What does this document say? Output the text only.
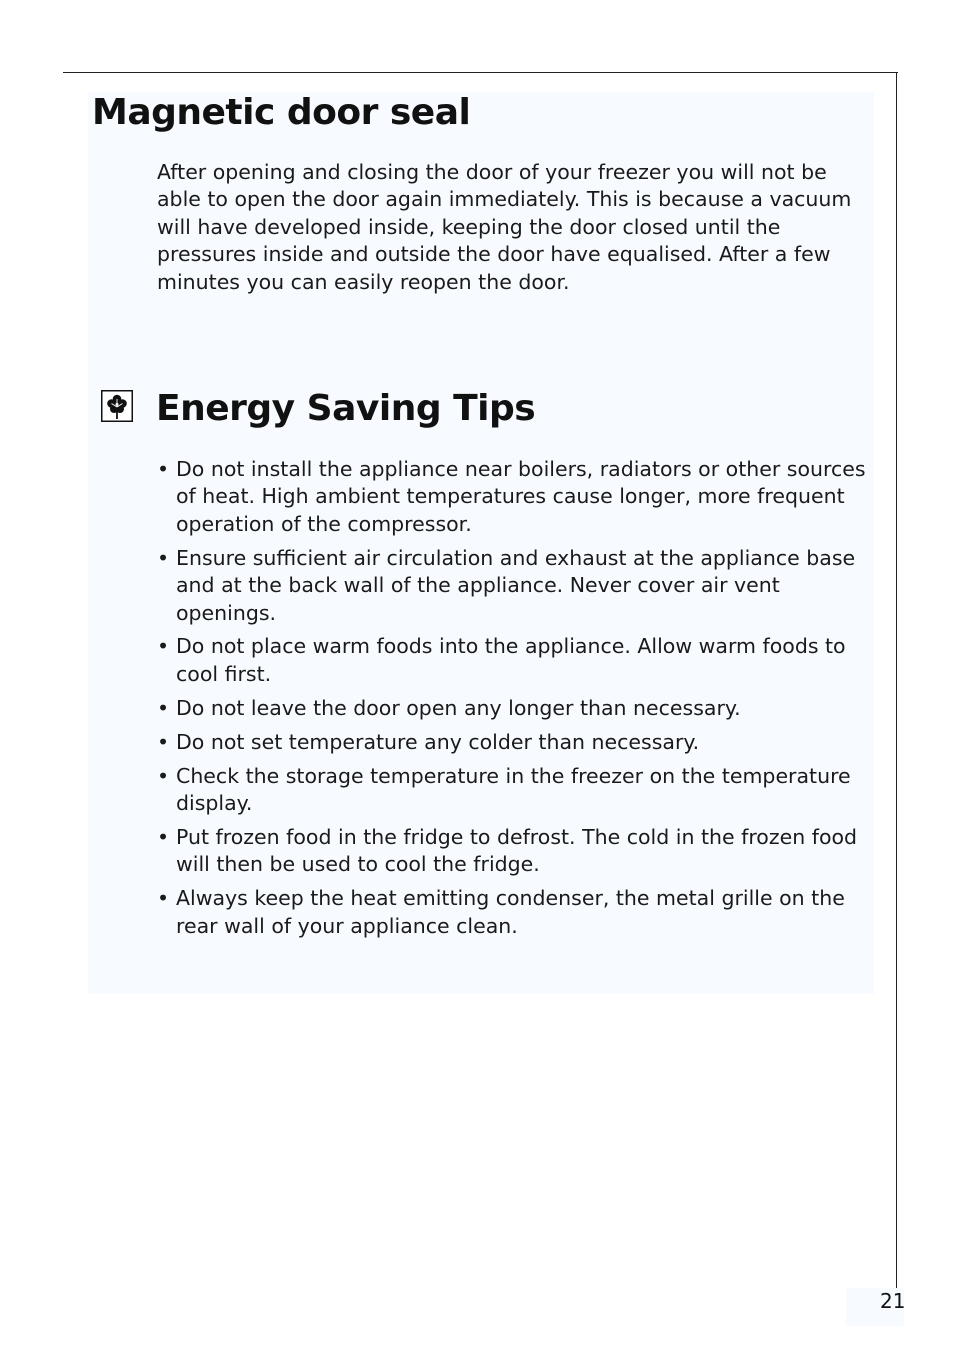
Magnetic door seal

After opening and closing the door of your freezer you will not be able to open the door again immediately. This is because a vacuum will have developed inside, keeping the door closed until the pressures inside and outside the door have equalised. After a few minutes you can easily reopen the door.

Energy Saving Tips
• Do not install the appliance near boilers, radiators or other sources of heat. High ambient temperatures cause longer, more frequent operation of the compressor.
• Ensure sufficient air circulation and exhaust at the appliance base and at the back wall of the appliance. Never cover air vent openings.
• Do not place warm foods into the appliance. Allow warm foods to cool first.
• Do not leave the door open any longer than necessary.
• Do not set temperature any colder than necessary.
• Check the storage temperature in the freezer on the temperature display.
• Put frozen food in the fridge to defrost. The cold in the frozen food will then be used to cool the fridge.
• Always keep the heat emitting condenser, the metal grille on the rear wall of your appliance clean.
21
